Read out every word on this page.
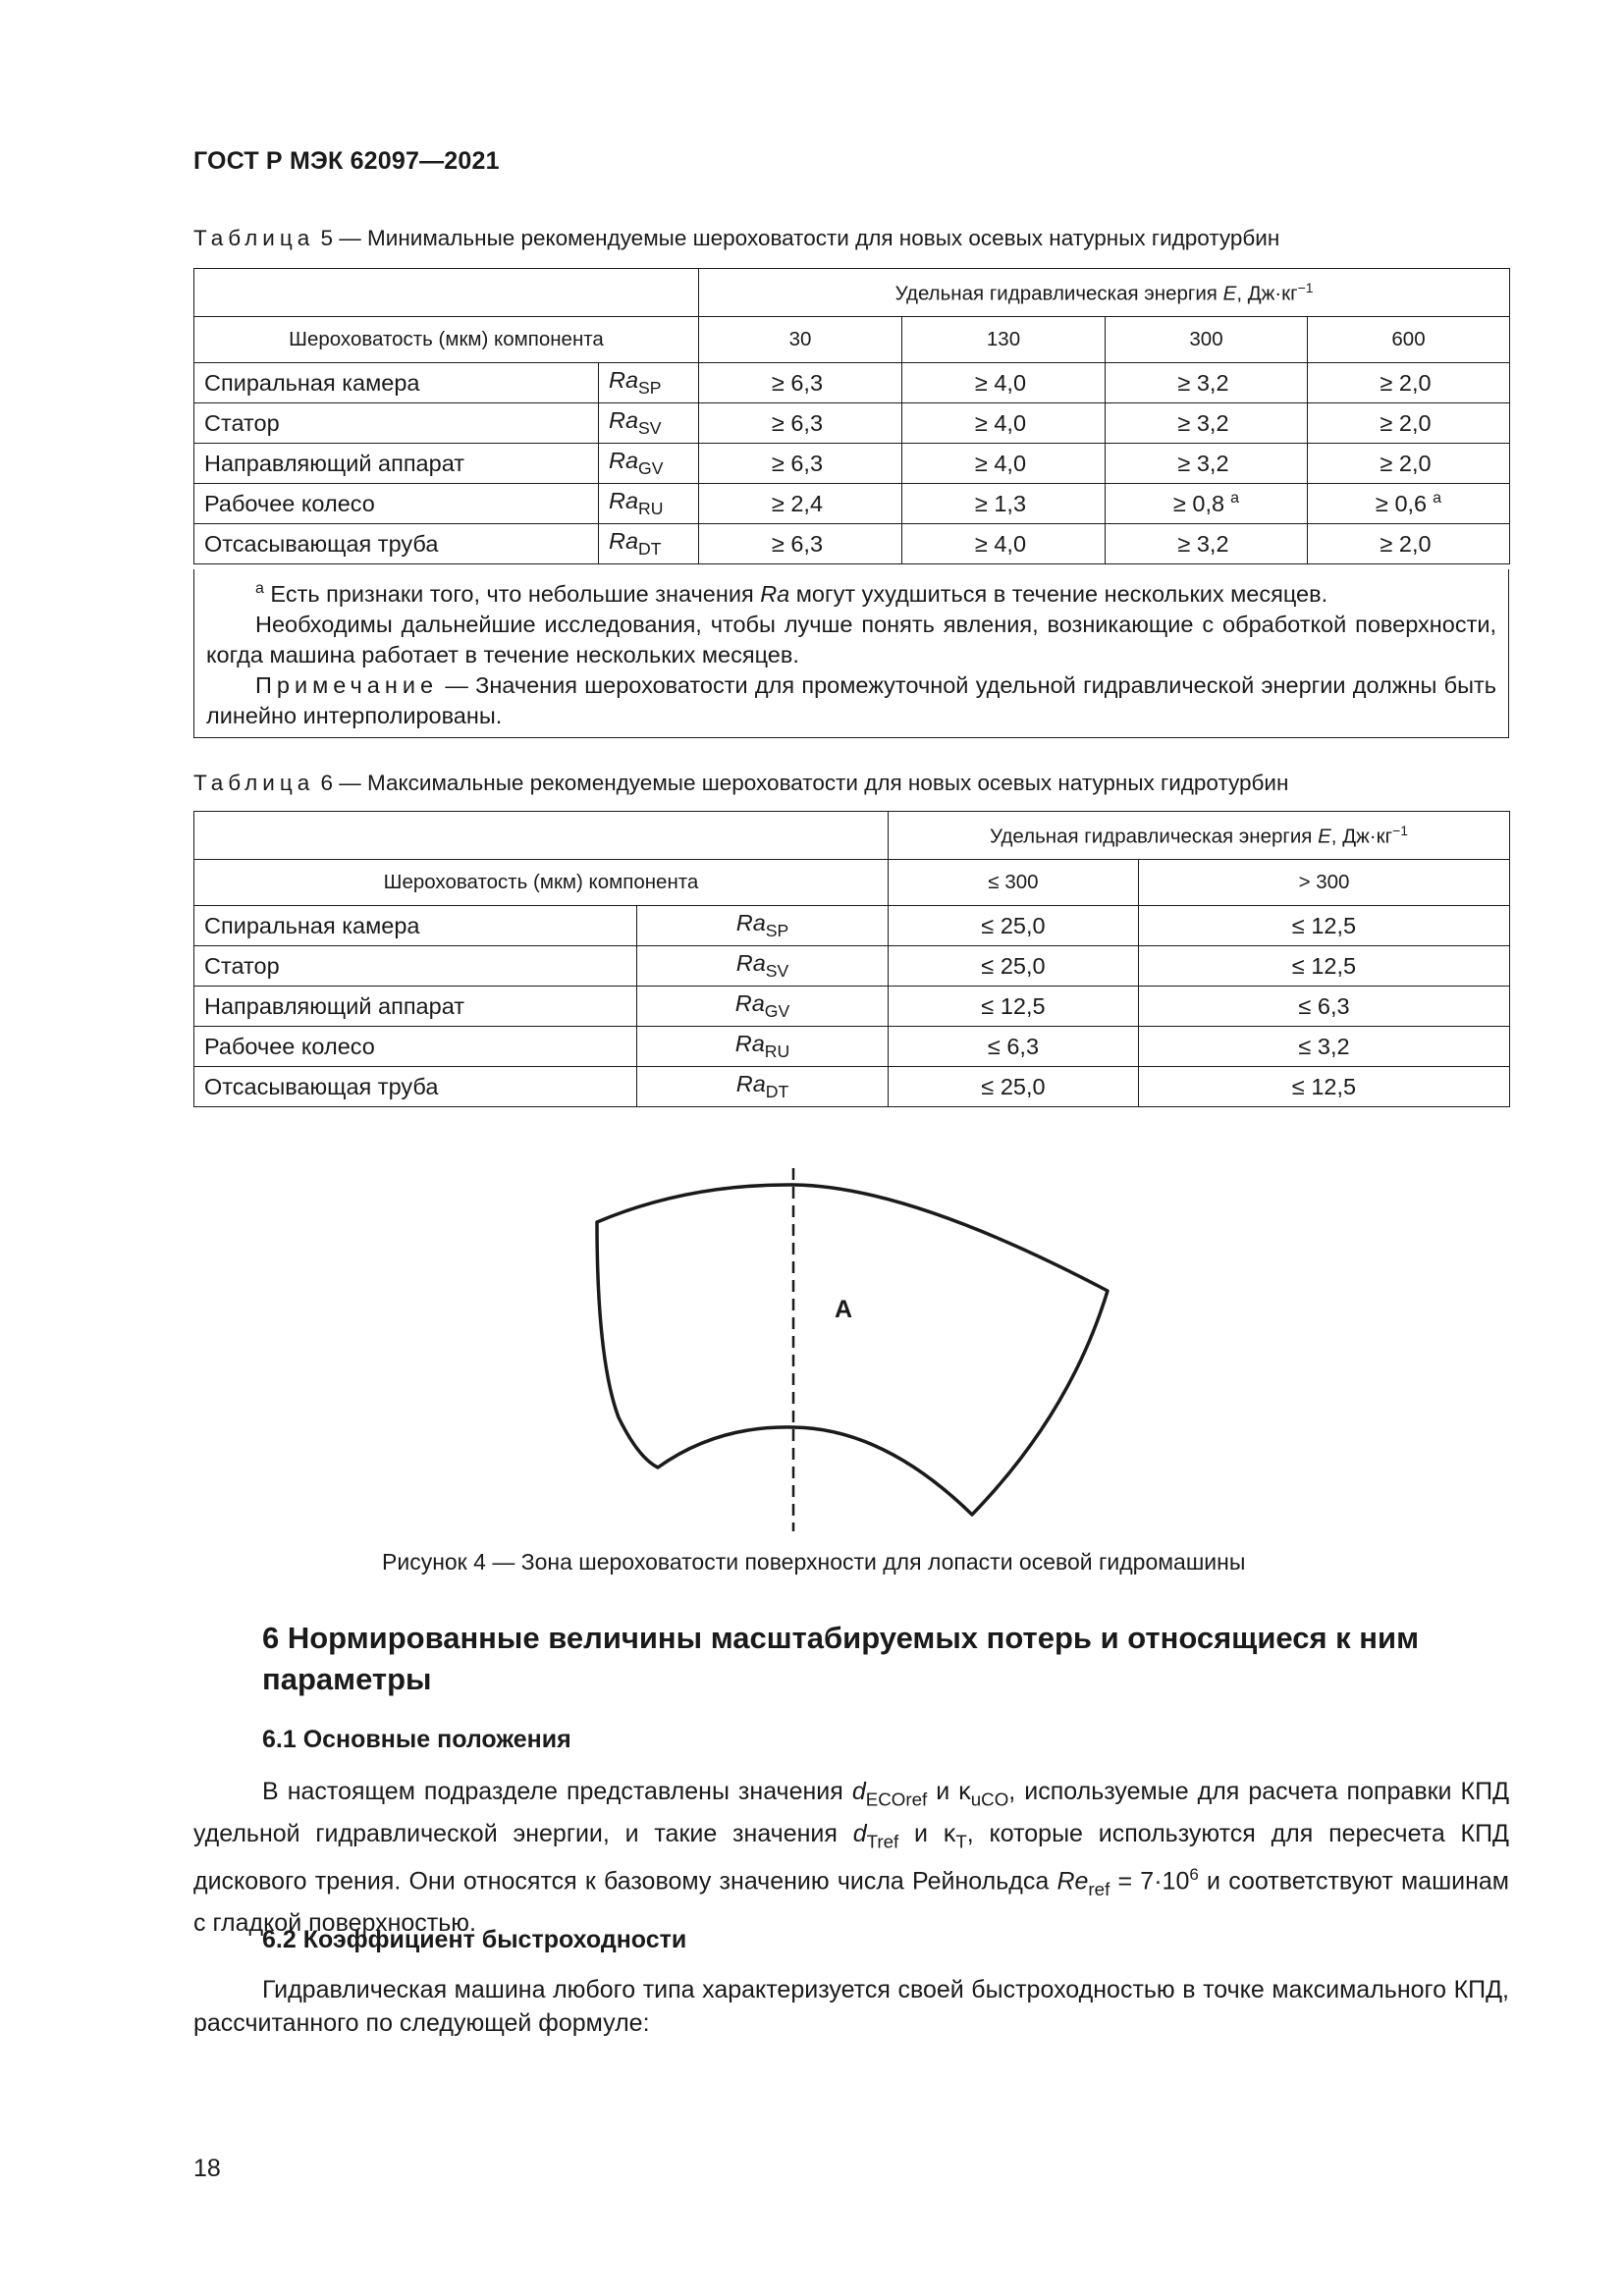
ГОСТ Р МЭК 62097—2021
Таблица 5 — Минимальные рекомендуемые шероховатости для новых осевых натурных гидротурбин
		Удельная гидравлическая энергия E, $Дж\cdot кг^{-1}$
Шероховатость (мкм) компонента		30	130	300	600
Спиральная камера	$Ra_{SP}$	≥ 6,3	≥ 4,0	≥ 3,2	≥ 2,0
Статор	$Ra_{SV}$	≥ 6,3	≥ 4,0	≥ 3,2	≥ 2,0
Направляющий аппарат	$Ra_{GV}$	≥ 6,3	≥ 4,0	≥ 3,2	≥ 2,0
Рабочее колесо	$Ra_{RU}$	≥ 2,4	≥ 1,3	≥ 0,8 $^a$	≥ 0,6 $^a$
Отсасывающая труба	$Ra_{DT}$	≥ 6,3	≥ 4,0	≥ 3,2	≥ 2,0

$^a$ Есть признаки того, что небольшие значения Ra могут ухудшиться в течение нескольких месяцев.

Необходимы дальнейшие исследования, чтобы лучше понять явления, возникающие с обработкой поверхности, когда машина работает в течение нескольких месяцев.

Примечание — Значения шероховатости для промежуточной удельной гидравлической энергии должны быть линейно интерполированы.

Таблица 6 — Максимальные рекомендуемые шероховатости для новых осевых натурных гидротурбин
		Удельная гидравлическая энергия E, $Дж\cdot кг^{-1}$
Шероховатость (мкм) компонента		≤ 300	> 300
Спиральная камера	$Ra_{SP}$	≤ 25,0	≤ 12,5
Статор	$Ra_{SV}$	≤ 25,0	≤ 12,5
Направляющий аппарат	$Ra_{GV}$	≤ 12,5	≤ 6,3
Рабочее колесо	$Ra_{RU}$	≤ 6,3	≤ 3,2
Отсасывающая труба	$Ra_{DT}$	≤ 25,0	≤ 12,5
A
Рисунок 4 — Зона шероховатости поверхности для лопасти осевой гидромашины
6 Нормированные величины масштабируемых потерь и относящиеся к ним параметры
6.1 Основные положения
В настоящем подразделе представлены значения $d_{ECOref}$ и $\kappa_{uCO}$, используемые для расчета поправки КПД удельной гидравлической энергии, и такие значения $d_{Tref}$ и $\kappa_T$, которые используются для пересчета КПД дискового трения. Они относятся к базовому значению числа Рейнольдса $Re_{ref} = 7\cdot 10^6$ и соответствуют машинам с гладкой поверхностью.
6.2 Коэффициент быстроходности
Гидравлическая машина любого типа характеризуется своей быстроходностью в точке максимального КПД, рассчитанного по следующей формуле:
18
